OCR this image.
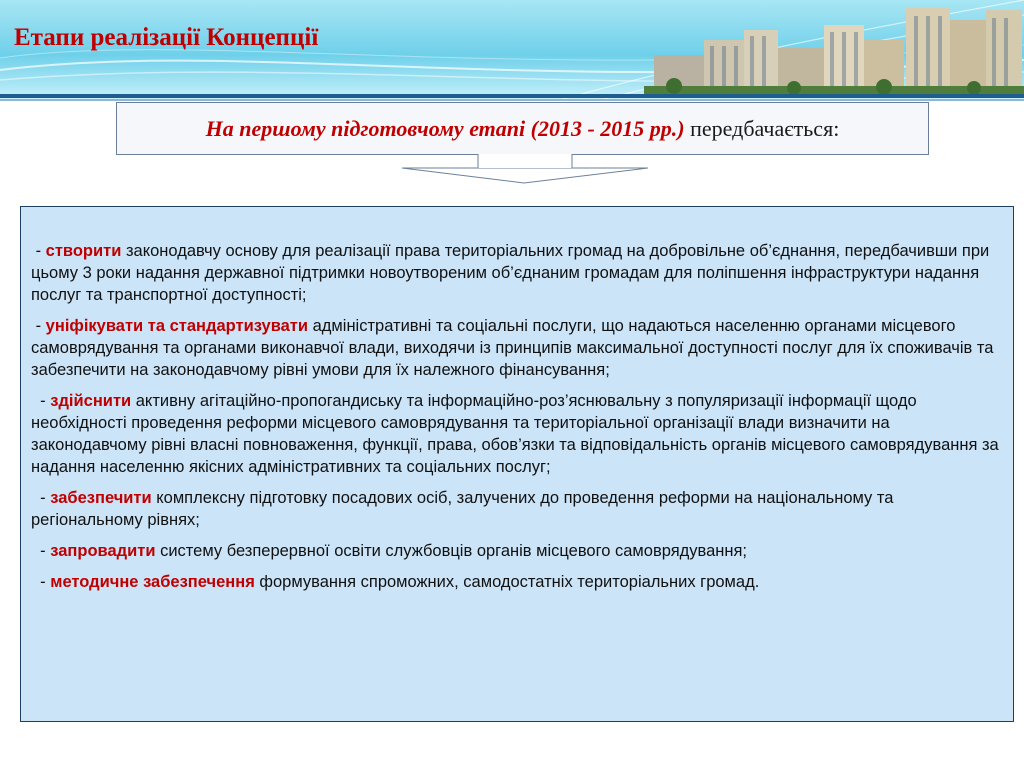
Етапи реалізації Концепції
На першому підготовчому етапі (2013 - 2015 рр.) передбачається:
- створити законодавчу основу для реалізації права територіальних громад на добровільне об’єднання, передбачивши при цьому 3 роки надання державної підтримки новоутвореним об’єднаним громадам для поліпшення інфраструктури надання послуг та транспортної доступності;
- уніфікувати та стандартизувати адміністративні та соціальні послуги, що надаються населенню органами місцевого самоврядування та органами виконавчої влади, виходячи із принципів максимальної доступності послуг для їх споживачів та забезпечити на законодавчому рівні умови для їх належного фінансування;
- здійснити активну агітаційно-пропогандиську та інформаційно-роз’яснювальну з популяризації інформації щодо необхідності проведення реформи місцевого самоврядування та територіальної організації влади визначити на законодавчому рівні власні повноваження, функції, права, обов’язки та відповідальність органів місцевого самоврядування за надання населенню якісних адміністративних та соціальних послуг;
- забезпечити комплексну підготовку посадових осіб, залучених до проведення реформи на національному та регіональному рівнях;
- запровадити систему безперервної освіти службовців органів місцевого самоврядування;
- методичне забезпечення формування спроможних, самодостатніх територіальних громад.
